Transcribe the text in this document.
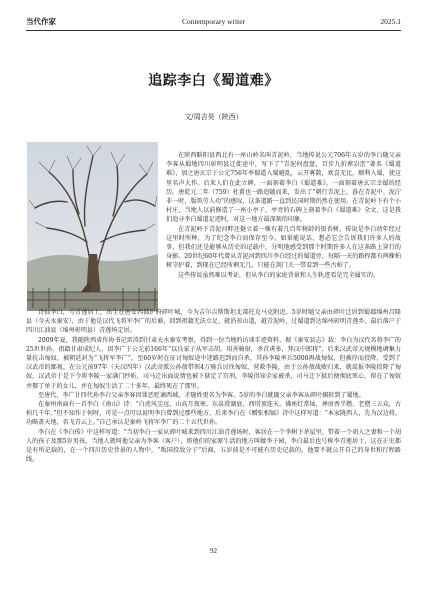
当代作家	Contemporary writer	2025.1
追踪李白《蜀道难》
文/周吉昊（陕西）

在陕西略阳县西北有一座山岭名叫青泥岭，当地传说公元706年五岁的李白随父亲李客从蜀地四川彰明县迁徙途中，写下了“青泥何盘盘，百步九折萦岩峦”著名《蜀道难》，加之唐玄宗于公元756年率蜀道入蜀避乱，云开雾散，欢喜无比，顺利入蜀，使这里名声大作。后来人们在此立碑，一面刻着李白《蜀道难》，一面刻着唐玄宗幸蜀的经历。唐乾元二年（759）杜甫也一路追随而来，发出了“朝行青泥上，暮在青泥中。泥泞非一时，版筑劳人功”的感叹，这条道路一直到民国时期仍然在使用。在青泥岭下有个小村庄，当地人以前修造了一座小亭子，亭旁的石碑上刻着李白《蜀道难》全文，这是我们追寻李白蜀道足迹时，对这一地方最深刻的印象。

在青泥岭下青泥河畔还挺立着一棵有着几百年树龄的银杏树，传说是李白幼年经过这里时所种，为了纪念李白而保存至今。如果能说话，想必它会告诉我们许多人的故事，但我们还是能够从历史的记载中，分明地感受到那个时期许多人在这条路上穿行的身影。20世纪60年代曾从青泥河到四川李白经过的蜀道旁，每隔一天的路程都有两棵柏树守护着，到现在已经所剩无几，只能在剑门关一带看到一些古柏了。

这些传说虽然难以考证，但从李白的家庭背景和人生轨迹看是完全属实的。

诗仙李白，号青莲居士，出生在唐安西都护府碎叶城，今为吉尔吉斯斯坦北部托克马克附近。5岁时随父亲由碎叶迁居到蜀郡绵州昌隆县（今天水秦安），由于他是汉代飞将军李广的后裔，回到祖籍无法立足，就沿祁山道，越青泥岭，过蜀道到达绵州彰明青莲乡，最后落户于四川江油县（绵州彰明县）青莲场定居。

2009年夏，我随陕西省作协书记雷涛到甘肃天水秦安考察，得到一份当地的访谈手迹资料，据《秦安县志》载：李白为汉代名将李广的25世世孙，祖籍甘肃成纪人，因李广于公元前166年“以良家子从军击胡，用善骑射，杀首虏多，拜汉中郎将”。后来汉武帝大规模地调集力量抗击匈奴，被朝廷封为“飞将军李广”。至60岁时在征讨匈奴途中迷路迟到而自杀，其孙李陵率兵5000再战匈奴，但被俘而投降，受到了汉武帝的鄙视，在公元前97年（天汉四年）汉武帝派公孙敖带领4万骑兵讨伐匈奴，营救李陵，由于公孙敖战败归来，就谎报李陵投降了匈奴，汉武帝于是下令将李陵一家满门抄斩，司马迁出面说情也被下狱定了宫刑。李陵得知全家被杀，司马迁下狱后便彻底死心，留在了匈奴并娶了单于的女儿，并在匈奴生活了二十多年，最终死在了那里。

至唐代，李广廿四代孙李白父亲李客因罪恶贬谪西域，才随姓更名为李客。5岁的李白就随父亲李客从碎叶辗转到了蜀地。

在秦州南面有一首李白《南山》诗：“白虎风尘远，山高月夜寒。东泉澄湖底，西塔顶连天。佛座灯常灿，禅房香半燃。老僧三五众，古柏几千年。”但不知作于何时，可是一点可以说明李白曾到过那些地方。后来李白在《赠张相镐》诗中这样写道：“本家陇西人，先为汉边将。功略盖天地，名飞青云上。”自己承认是秦岭飞将军李广的二十五代世孙。

李白在《李白传》中这样写道：“当初李白一家从碎叶城来到四川江油青莲场时，客居在一个李树下茅屋里，带着一个胡人之妻和一个胡人的孩子及那5岁男孩，当地人就叫他父亲为李客（客户），将他们的家原生活的地方叫做李子园，李白最后也号称李青莲居士，这在正史都是有所记载的，在一个四川历史背景的人物中，“叛国投敌分子”后裔，五岁前是不可能有历史记载的，他要不就公开自己的身世和行程路线。

92
